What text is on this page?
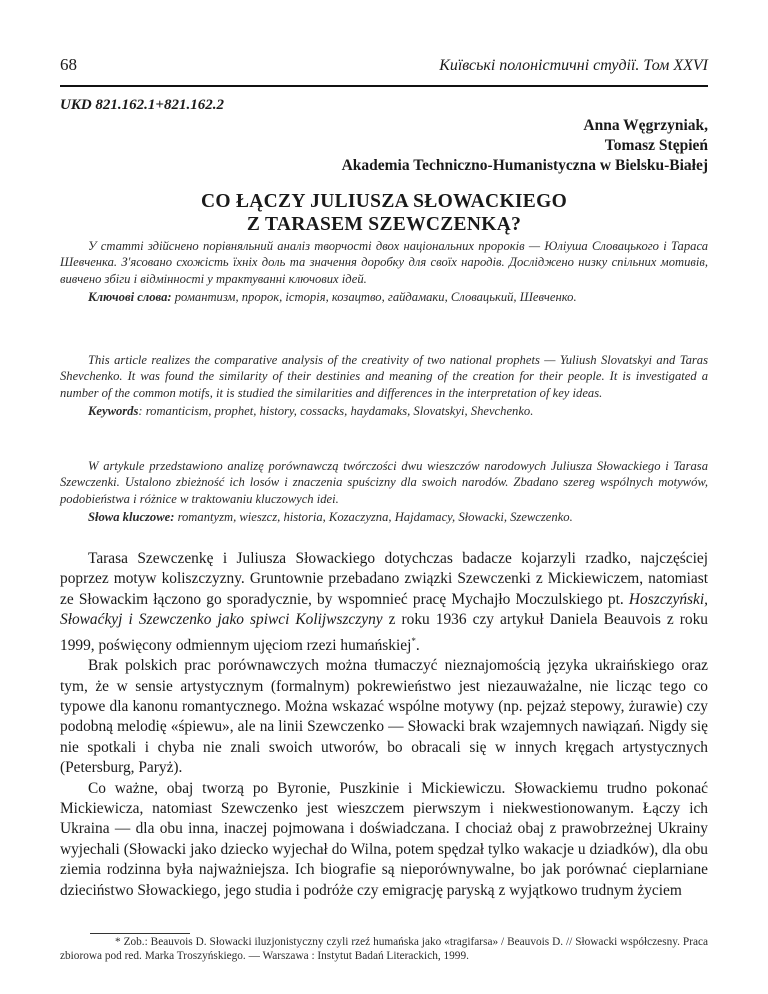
68	Київські полоністичні студії. Том XXVI
UKD 821.162.1+821.162.2
Anna Węgrzyniak,
Tomasz Stępień
Akademia Techniczno-Humanistyczna w Bielsku-Białej
CO ŁĄCZY JULIUSZA SŁOWACKIEGO
Z TARASEM SZEWCZENKĄ?

У статті здійснено порівняльний аналіз творчості двох національних пророків — Юліуша Словацького і Тараса Шевченка. З'ясовано схожість їхніх доль та значення доробку для своїх народів. Досліджено низку спільних мотивів, вивчено збіги і відмінності у трактуванні ключових ідей.

Ключові слова: романтизм, пророк, історія, козацтво, гайдамаки, Словацький, Шевченко.

This article realizes the comparative analysis of the creativity of two national prophets — Yuliush Slovatskyi and Taras Shevchenko. It was found the similarity of their destinies and meaning of the creation for their people. It is investigated a number of the common motifs, it is studied the similarities and differences in the interpretation of key ideas.

Keywords: romanticism, prophet, history, cossacks, haydamaks, Slovatskyi, Shevchenko.

W artykule przedstawiono analizę porównawczą twórczości dwu wieszczów narodowych Juliusza Słowackiego i Tarasa Szewczenki. Ustalono zbieżność ich losów i znaczenia spuścizny dla swoich narodów. Zbadano szereg wspólnych motywów, podobieństwa i różnice w traktowaniu kluczowych idei.

Słowa kluczowe: romantyzm, wieszcz, historia, Kozaczyzna, Hajdamacy, Słowacki, Szewczenko.

Tarasa Szewczenkę i Juliusza Słowackiego dotychczas badacze kojarzyli rzadko, najczęściej poprzez motyw koliszczyzny. Gruntownie przebadano związki Szewczenki z Mickiewiczem, natomiast ze Słowackim łączono go sporadycznie, by wspomnieć pracę Mychajło Moczulskiego pt. Hoszczyński, Słowaćkyj i Szewczenko jako spiwci Kolijwszczyny z roku 1936 czy artykuł Daniela Beauvois z roku 1999, poświęcony odmiennym ujęciom rzezi humańskiej*.

Brak polskich prac porównawczych można tłumaczyć nieznajomością języka ukraińskiego oraz tym, że w sensie artystycznym (formalnym) pokrewieństwo jest niezauważalne, nie licząc tego co typowe dla kanonu romantycznego. Można wskazać wspólne motywy (np. pejzaż stepowy, żurawie) czy podobną melodię «śpiewu», ale na linii Szewczenko — Słowacki brak wzajemnych nawiązań. Nigdy się nie spotkali i chyba nie znali swoich utworów, bo obracali się w innych kręgach artystycznych (Petersburg, Paryż).

Co ważne, obaj tworzą po Byronie, Puszkinie i Mickiewiczu. Słowackiemu trudno pokonać Mickiewicza, natomiast Szewczenko jest wieszczem pierwszym i niekwestionowanym. Łączy ich Ukraina — dla obu inna, inaczej pojmowana i doświadczana. I chociaż obaj z prawobrzeżnej Ukrainy wyjechali (Słowacki jako dziecko wyjechał do Wilna, potem spędzał tylko wakacje u dziadków), dla obu ziemia rodzinna była najważniejsza. Ich biografie są nieporównywalne, bo jak porównać cieplarniane dzieciństwo Słowackiego, jego studia i podróże czy emigrację paryską z wyjątkowo trudnym życiem

* Zob.: Beauvois D. Słowacki iluzjonistyczny czyli rzeź humańska jako «tragifarsa» / Beauvois D. // Słowacki współczesny. Praca zbiorowa pod red. Marka Troszyńskiego. — Warszawa : Instytut Badań Literackich, 1999.
